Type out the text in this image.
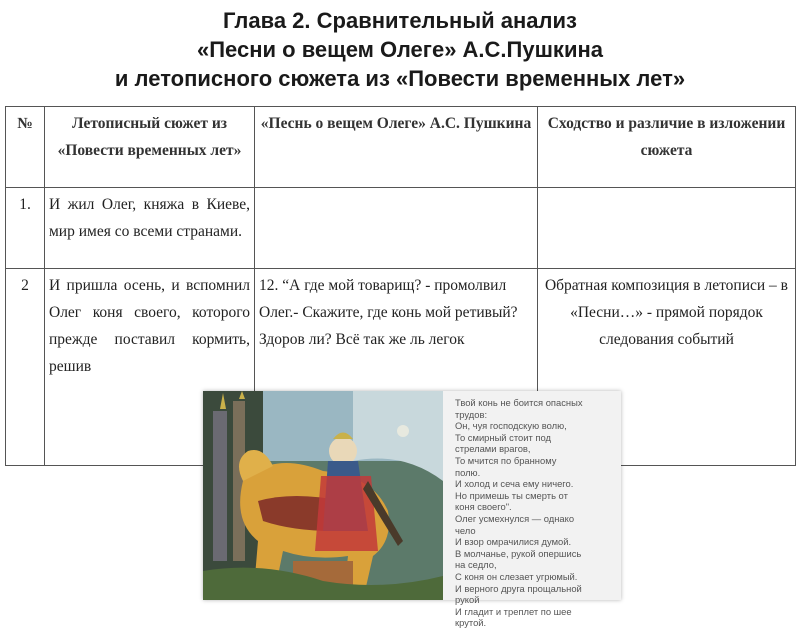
Глава 2. Сравнительный анализ
«Песни о вещем Олеге» А.С.Пушкина
и летописного сюжета из «Повести временных лет»
№	Летописный сюжет из «Повести временных лет»	«Песнь о вещем Олеге» А.С. Пушкина	Сходство и различие в изложении сюжета
1.	И жил Олег, княжа в Киеве, мир имея со всеми странами.		
2	И пришла осень, и вспомнил Олег коня своего, которого прежде поставил кормить, решив	12. “А где мой товарищ? - промолвил Олег.- Скажите, где конь мой ретивый? Здоров ли? Всё так же ль легок	Обратная композиция в летописи – в «Песни…» - прямой порядок следования событий
Твой конь не боится опасных
трудов:
Он, чуя господскую волю,
То смирный стоит под
стрелами врагов,
То мчится по бранному
полю.
И холод и сеча ему ничего.
Но примешь ты смерть от
коня своего".
Олег усмехнулся — однако
чело
И взор омрачилися думой.
В молчанье, рукой опершись
на седло,
С коня он слезает угрюмый.
И верного друга прощальной
рукой
И гладит и треплет по шее
крутой.
